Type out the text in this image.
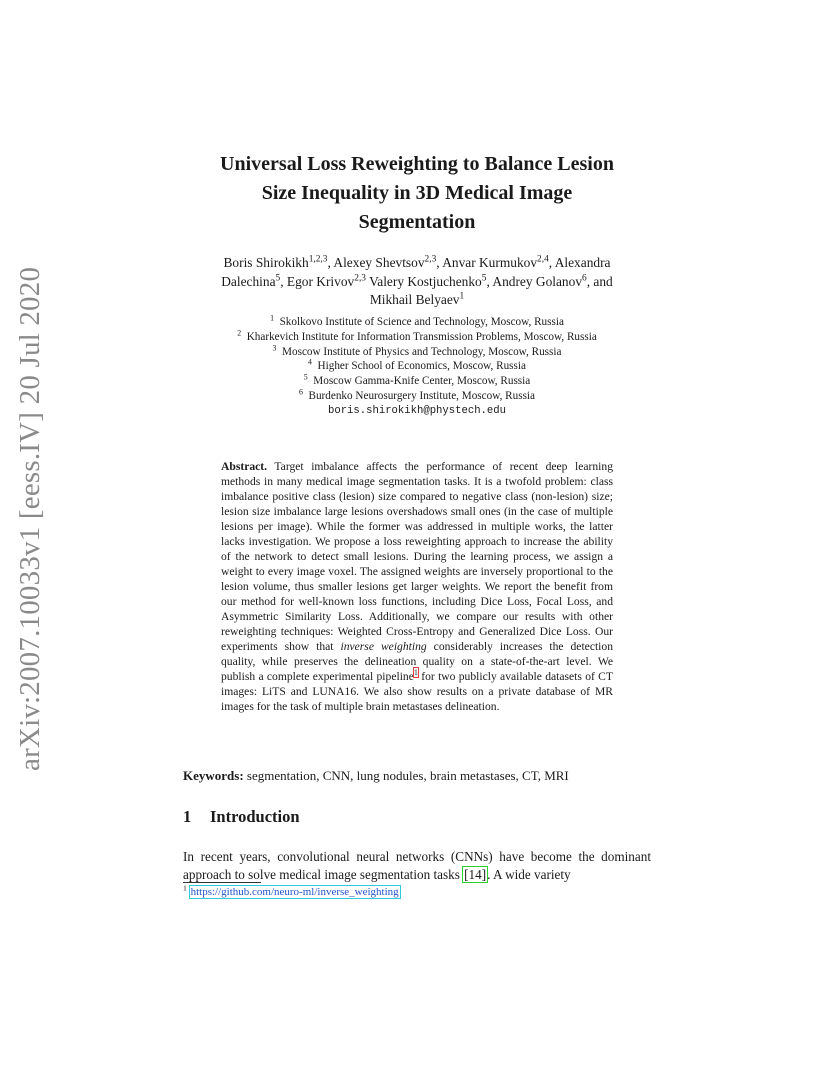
arXiv:2007.10033v1 [eess.IV] 20 Jul 2020
Universal Loss Reweighting to Balance Lesion
Size Inequality in 3D Medical Image
Segmentation
Boris Shirokikh$^{1,2,3}$, Alexey Shevtsov$^{2,3}$, Anvar Kurmukov$^{2,4}$, Alexandra
Dalechina$^5$, Egor Krivov$^{2,3}$ Valery Kostjuchenko$^5$, Andrey Golanov$^6$, and
Mikhail Belyaev$^1$
$^1$ Skolkovo Institute of Science and Technology, Moscow, Russia
$^2$ Kharkevich Institute for Information Transmission Problems, Moscow, Russia
$^3$ Moscow Institute of Physics and Technology, Moscow, Russia
$^4$ Higher School of Economics, Moscow, Russia
$^5$ Moscow Gamma-Knife Center, Moscow, Russia
$^6$ Burdenko Neurosurgery Institute, Moscow, Russia
boris.shirokikh@phystech.edu
Abstract. Target imbalance affects the performance of recent deep learning methods in many medical image segmentation tasks. It is a twofold problem: class imbalance positive class (lesion) size compared to negative class (non-lesion) size; lesion size imbalance large lesions overshadows small ones (in the case of multiple lesions per image). While the former was addressed in multiple works, the latter lacks investigation. We propose a loss reweighting approach to increase the ability of the network to detect small lesions. During the learning process, we assign a weight to every image voxel. The assigned weights are inversely proportional to the lesion volume, thus smaller lesions get larger weights. We report the benefit from our method for well-known loss functions, including Dice Loss, Focal Loss, and Asymmetric Similarity Loss. Additionally, we compare our results with other reweighting techniques: Weighted Cross-Entropy and Generalized Dice Loss. Our experiments show that inverse weighting considerably increases the detection quality, while preserves the delineation quality on a state-of-the-art level. We publish a complete experimental pipeline$^1$ for two publicly available datasets of CT images: LiTS and LUNA16. We also show results on a private database of MR images for the task of multiple brain metastases delineation.
Keywords: segmentation, CNN, lung nodules, brain metastases, CT, MRI
1 Introduction
In recent years, convolutional neural networks (CNNs) have become the dominant approach to solve medical image segmentation tasks [14]. A wide variety
$^1$ https://github.com/neuro-ml/inverse_weighting
